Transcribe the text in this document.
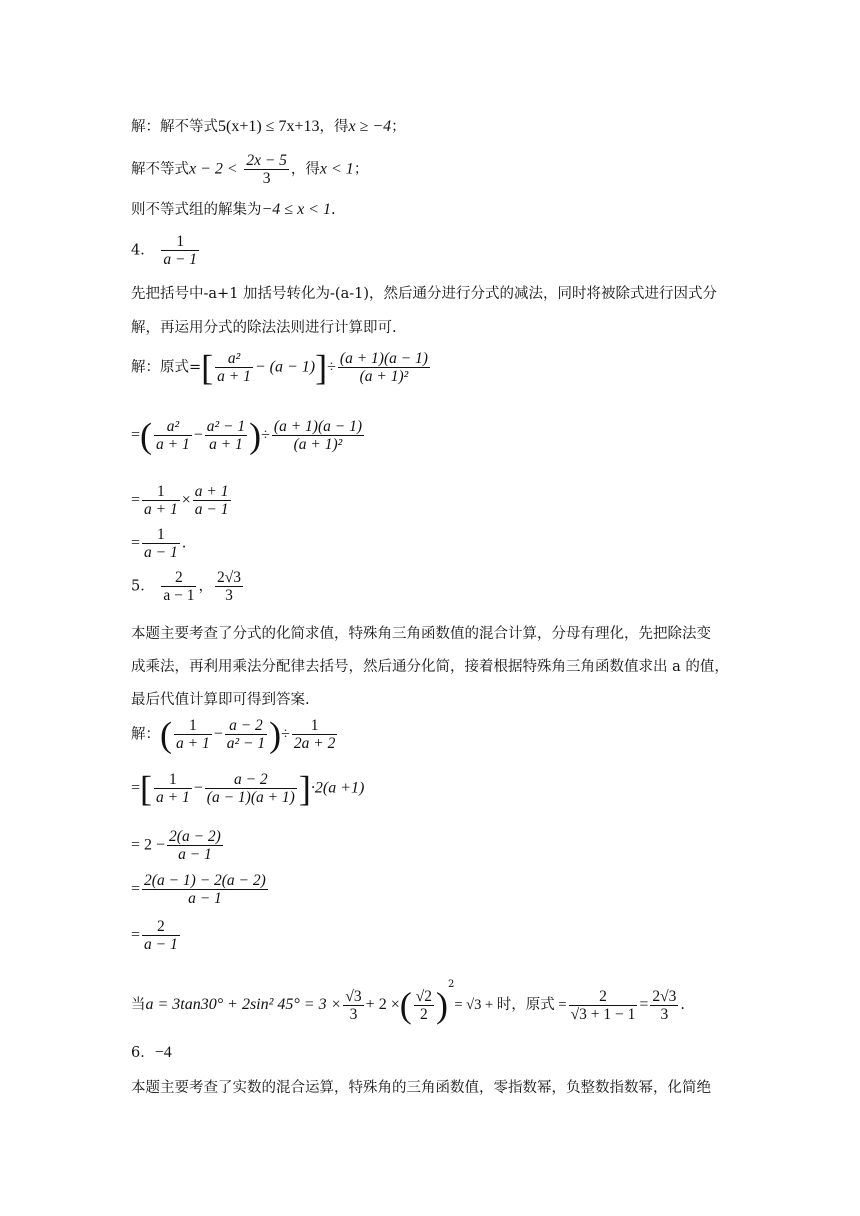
解：解不等式5(x+1) ≤ 7x+13，得x ≥ −4；
解不等式$x - 2 < \frac{2x - 5}{3}$ ，得x < 1；
则不等式组的解集为−4 ≤ x < 1.
4． $\frac{1}{a - 1}$
先把括号中-a+1 加括号转化为-(a-1)，然后通分进行分式的减法，同时将被除式进行因式分
解，再运用分式的除法法则进行计算即可.
解：原式=[ $\frac{\text{a²}}{a + 1} - (a - 1)]\div \frac{(a + 1)(a - 1)}{\text{(a + 1)²}}$
=( $\frac{\text{a²}}{a + 1} - \frac{\text{a² − 1}}{a + 1}$ )÷ $\frac{(a + 1)(a - 1)}{\text{(a + 1)²}}$
= $\frac{1}{a + 1} \times \frac{a + 1}{a - 1}$
= $\frac{1}{a - 1}$ .
5． $\frac{2}{a - 1}$ ， $\frac{2√3}{3}$
本题主要考查了分式的化简求值，特殊角三角函数值的混合计算，分母有理化，先把除法变
成乘法，再利用乘法分配律去括号，然后通分化简，接着根据特殊角三角函数值求出 a 的值，
最后代值计算即可得到答案.
解：( $\frac{1}{a + 1} - \frac{a - 2}{\text{a² − 1}}$ )÷ $\frac{1}{2a + 2}$
=[ $\frac{1}{a + 1} - \frac{a - 2}{(a - 1)(a + 1)} ]\cdot 2(a +1)$
= $2 - \frac{2(a - 2)}{a - 1}$
= $\frac{2(a - 1) - 2(a - 2)}{a - 1}$
= $\frac{2}{a - 1}$
当a = 3tan30° + 2sin² $45^\circ = 3 \times \frac{√3}{3} + 2$ ×( $\frac{√2}{2} )^2= √3$ + 时，原式 = $\frac{2}{√3 + 1 - 1} = \frac{2√3}{3}$ .
6．−4
本题主要考查了实数的混合运算，特殊角的三角函数值，零指数幂，负整数指数幂，化简绝
